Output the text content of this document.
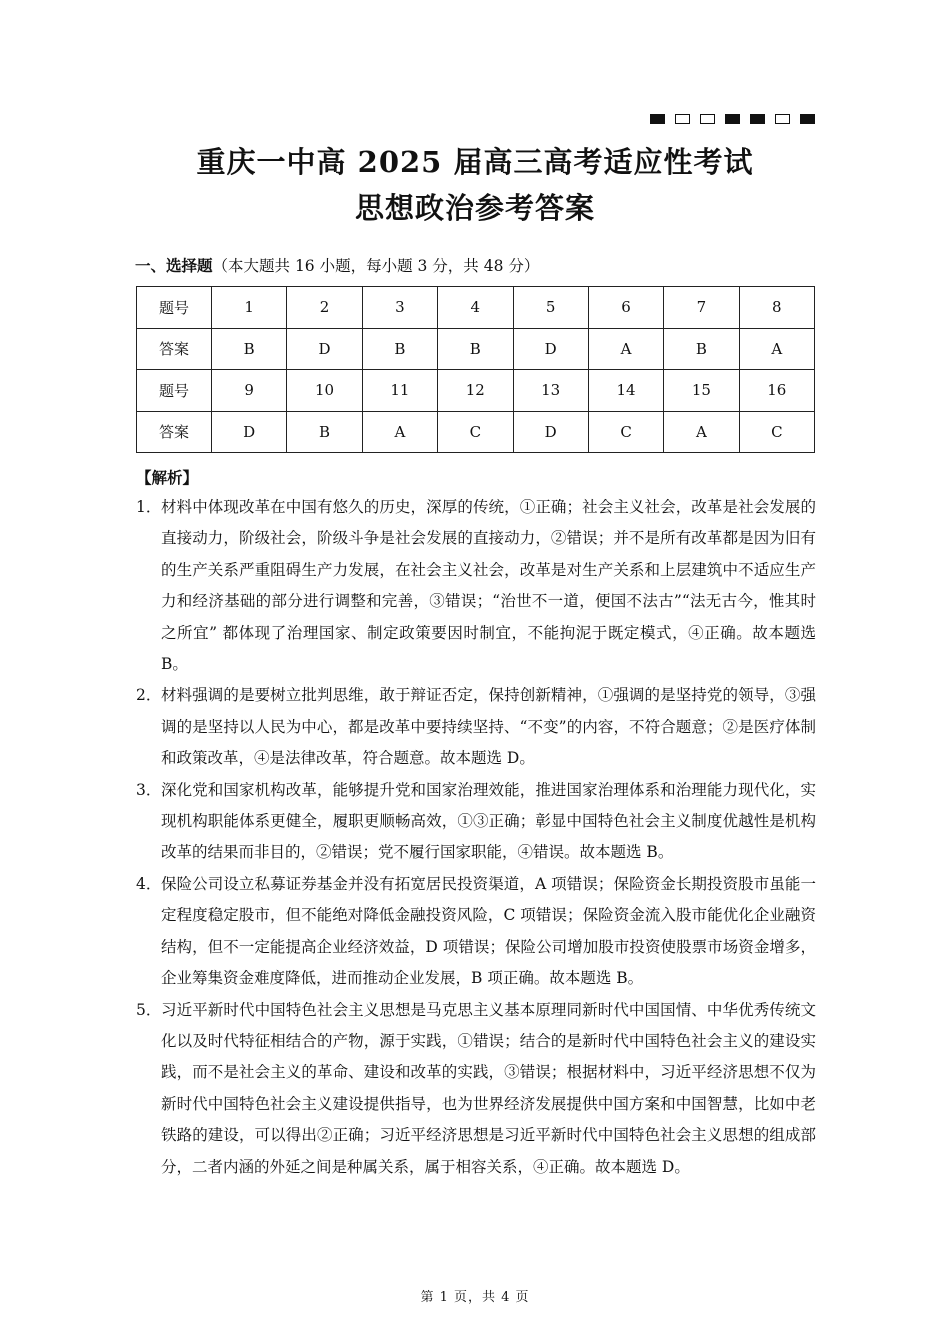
重庆一中高 2025 届高三高考适应性考试
思想政治参考答案
一、选择题（本大题共 16 小题，每小题 3 分，共 48 分）
题号	1	2	3	4	5	6	7	8
答案	B	D	B	B	D	A	B	A
题号	9	10	11	12	13	14	15	16
答案	D	B	A	C	D	C	A	C
【解析】
1． 材料中体现改革在中国有悠久的历史，深厚的传统，①正确；社会主义社会，改革是社会发展的直接动力，阶级社会，阶级斗争是社会发展的直接动力，②错误；并不是所有改革都是因为旧有的生产关系严重阻碍生产力发展，在社会主义社会，改革是对生产关系和上层建筑中不适应生产力和经济基础的部分进行调整和完善，③错误；“治世不一道，便国不法古”“法无古今，惟其时之所宜” 都体现了治理国家、制定政策要因时制宜，不能拘泥于既定模式，④正确。故本题选 B。
2． 材料强调的是要树立批判思维，敢于辩证否定，保持创新精神，①强调的是坚持党的领导，③强调的是坚持以人民为中心，都是改革中要持续坚持、“不变”的内容，不符合题意；②是医疗体制和政策改革，④是法律改革，符合题意。故本题选 D。
3． 深化党和国家机构改革，能够提升党和国家治理效能，推进国家治理体系和治理能力现代化，实现机构职能体系更健全，履职更顺畅高效，①③正确；彰显中国特色社会主义制度优越性是机构改革的结果而非目的，②错误；党不履行国家职能，④错误。故本题选 B。
4． 保险公司设立私募证券基金并没有拓宽居民投资渠道，A 项错误；保险资金长期投资股市虽能一定程度稳定股市，但不能绝对降低金融投资风险，C 项错误；保险资金流入股市能优化企业融资结构，但不一定能提高企业经济效益，D 项错误；保险公司增加股市投资使股票市场资金增多，企业筹集资金难度降低，进而推动企业发展，B 项正确。故本题选 B。
5． 习近平新时代中国特色社会主义思想是马克思主义基本原理同新时代中国国情、中华优秀传统文化以及时代特征相结合的产物，源于实践，①错误；结合的是新时代中国特色社会主义的建设实践，而不是社会主义的革命、建设和改革的实践，③错误；根据材料中，习近平经济思想不仅为新时代中国特色社会主义建设提供指导，也为世界经济发展提供中国方案和中国智慧，比如中老铁路的建设，可以得出②正确；习近平经济思想是习近平新时代中国特色社会主义思想的组成部分，二者内涵的外延之间是种属关系，属于相容关系，④正确。故本题选 D。
第 1 页，共 4 页
